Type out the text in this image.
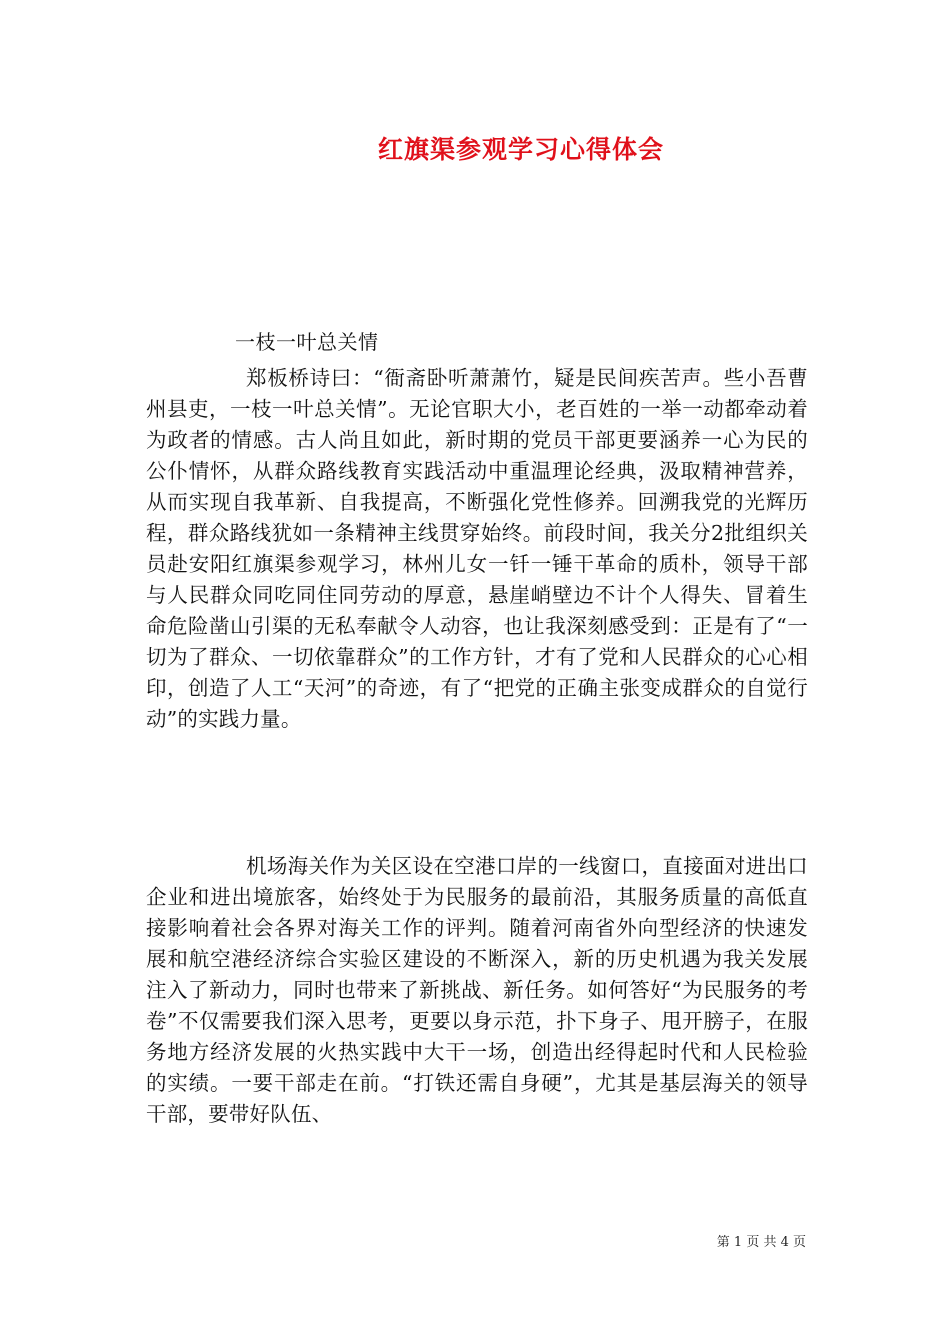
红旗渠参观学习心得体会
一枝一叶总关情
郑板桥诗曰：“衙斋卧听萧萧竹，疑是民间疾苦声。些小吾曹州县吏，一枝一叶总关情”。无论官职大小，老百姓的一举一动都牵动着为政者的情感。古人尚且如此，新时期的党员干部更要涵养一心为民的公仆情怀，从群众路线教育实践活动中重温理论经典，汲取精神营养，从而实现自我革新、自我提高，不断强化党性修养。回溯我党的光辉历程，群众路线犹如一条精神主线贯穿始终。前段时间，我关分2批组织关员赴安阳红旗渠参观学习，林州儿女一钎一锤干革命的质朴，领导干部与人民群众同吃同住同劳动的厚意，悬崖峭壁边不计个人得失、冒着生命危险凿山引渠的无私奉献令人动容，也让我深刻感受到：正是有了“一切为了群众、一切依靠群众”的工作方针，才有了党和人民群众的心心相印，创造了人工“天河”的奇迹，有了“把党的正确主张变成群众的自觉行动”的实践力量。
机场海关作为关区设在空港口岸的一线窗口，直接面对进出口企业和进出境旅客，始终处于为民服务的最前沿，其服务质量的高低直接影响着社会各界对海关工作的评判。随着河南省外向型经济的快速发展和航空港经济综合实验区建设的不断深入，新的历史机遇为我关发展注入了新动力，同时也带来了新挑战、新任务。如何答好“为民服务的考卷”不仅需要我们深入思考，更要以身示范，扑下身子、甩开膀子，在服务地方经济发展的火热实践中大干一场，创造出经得起时代和人民检验的实绩。一要干部走在前。“打铁还需自身硬”，尤其是基层海关的领导干部，要带好队伍、
第 1 页 共 4 页
